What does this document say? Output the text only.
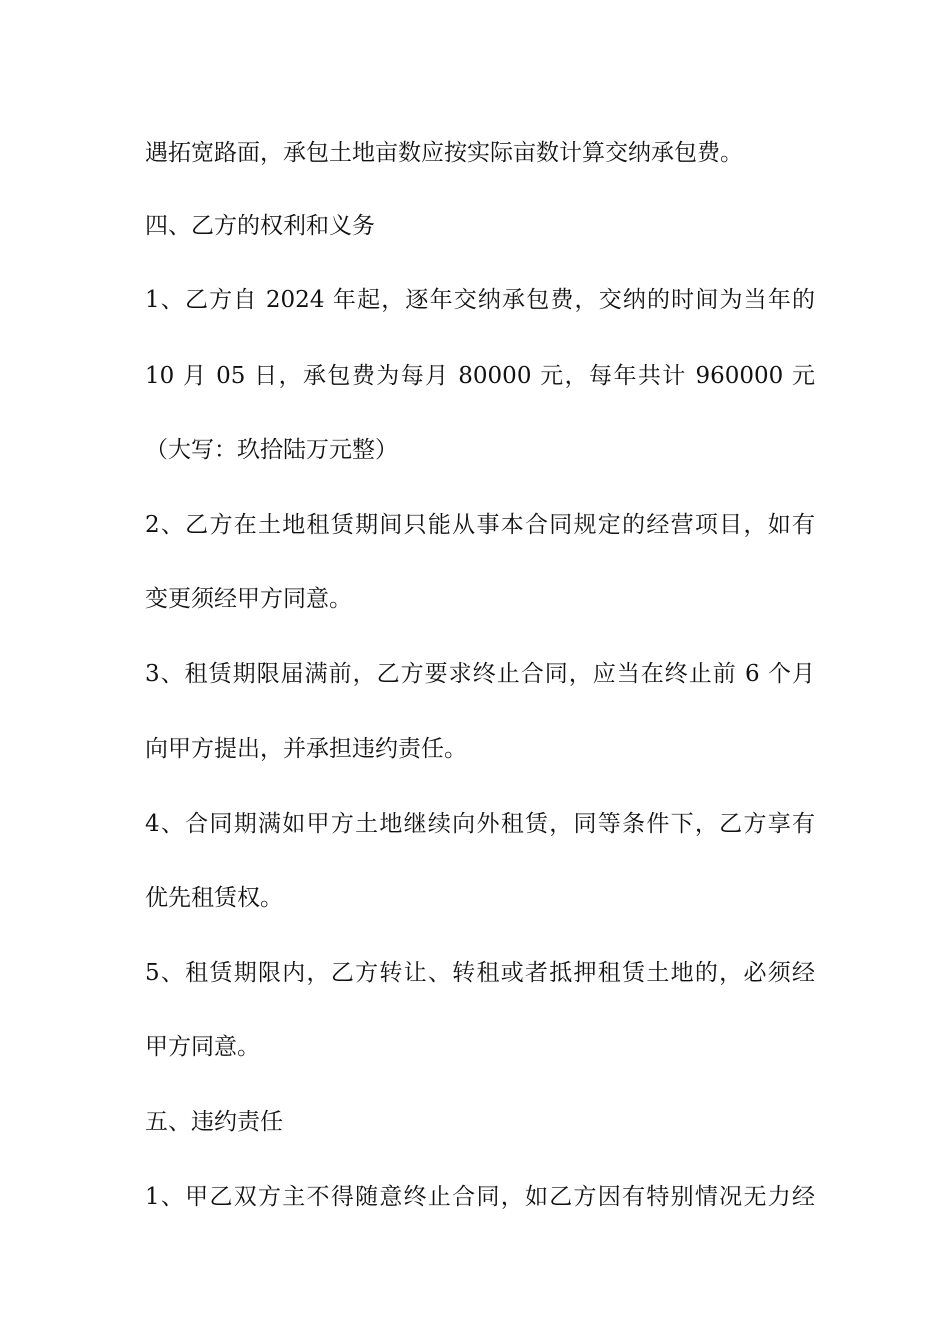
遇拓宽路面，承包土地亩数应按实际亩数计算交纳承包费。
四、乙方的权利和义务
1、乙方自 2024 年起，逐年交纳承包费，交纳的时间为当年的
10 月 05 日，承包费为每月 80000 元，每年共计 960000 元
（大写：玖拾陆万元整）
2、乙方在土地租赁期间只能从事本合同规定的经营项目，如有
变更须经甲方同意。
3、租赁期限届满前，乙方要求终止合同，应当在终止前 6 个月
向甲方提出，并承担违约责任。
4、合同期满如甲方土地继续向外租赁，同等条件下，乙方享有
优先租赁权。
5、租赁期限内，乙方转让、转租或者抵押租赁土地的，必须经
甲方同意。
五、违约责任
1、甲乙双方主不得随意终止合同，如乙方因有特别情况无力经
